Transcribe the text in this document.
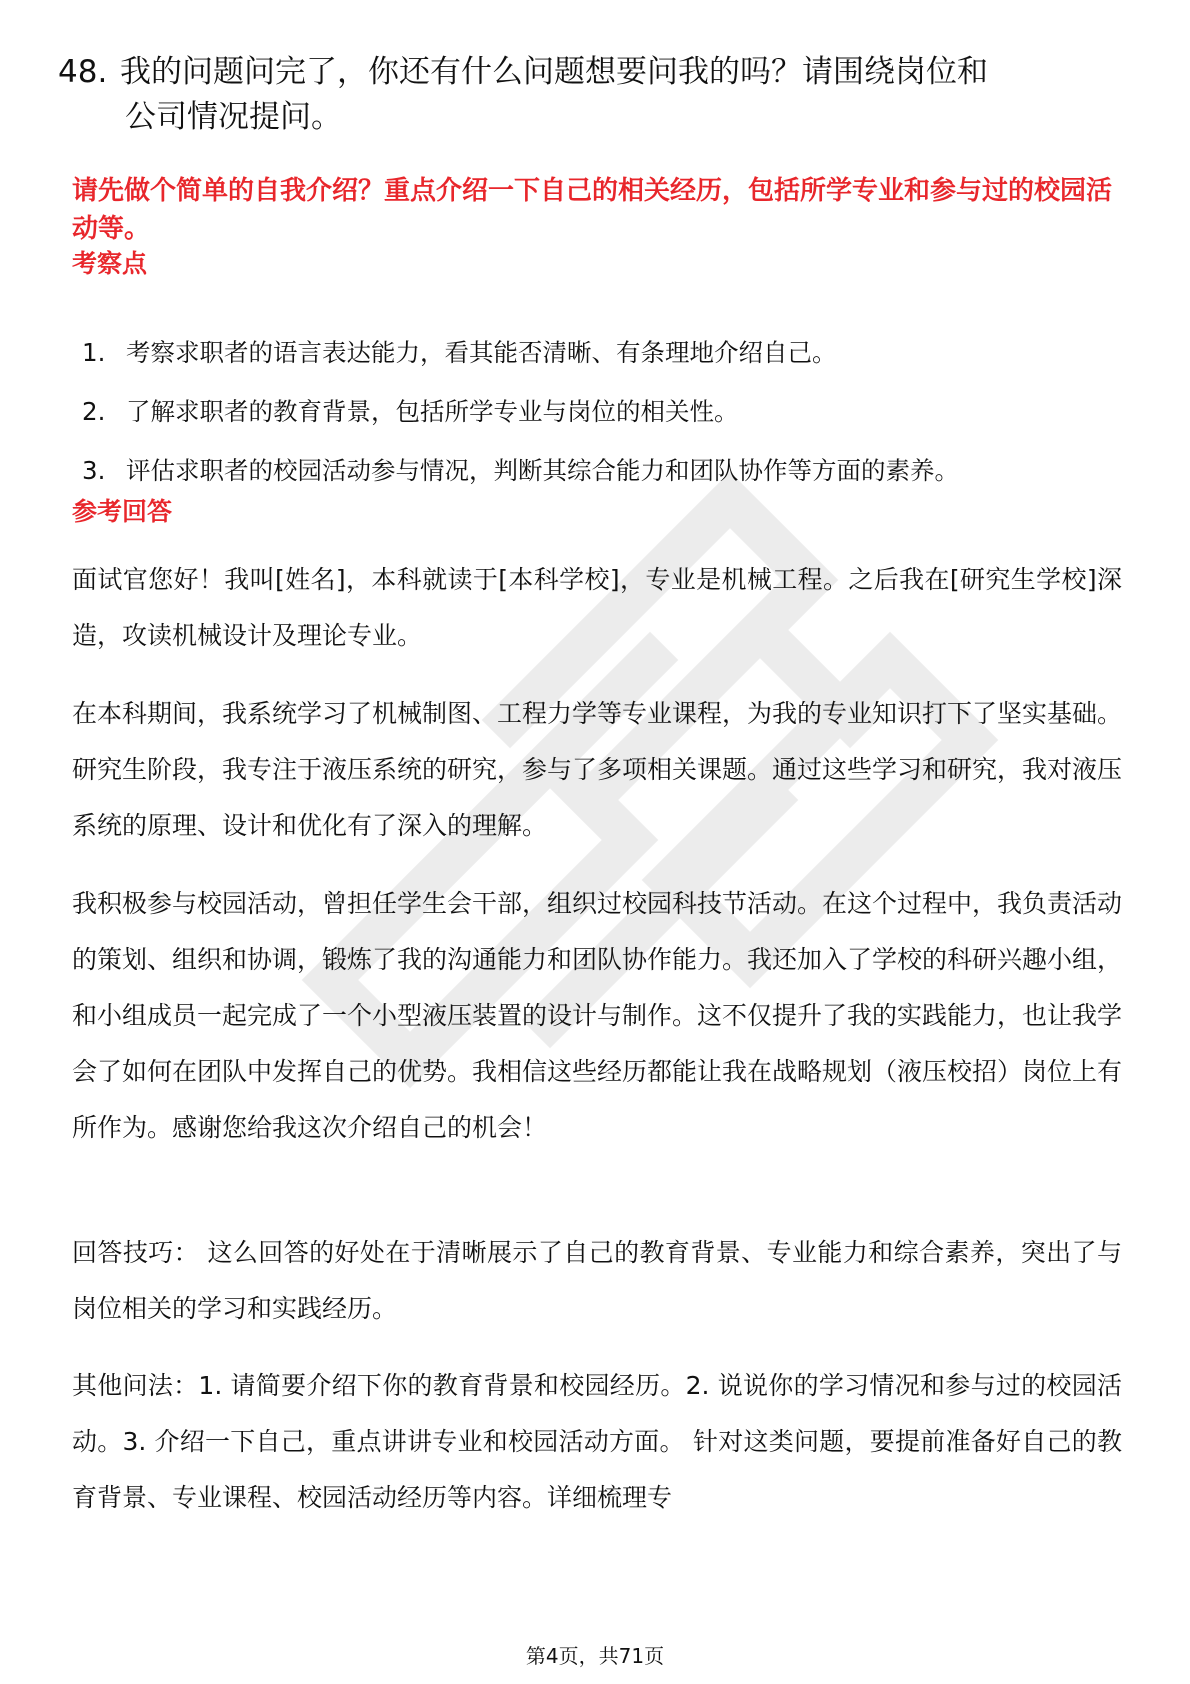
48. 我的问题问完了，你还有什么问题想要问我的吗？请围绕岗位和
公司情况提问。
请先做个简单的自我介绍？重点介绍一下自己的相关经历，包括所学专业和参与过的校园活动等。
考察点
1. 考察求职者的语言表达能力，看其能否清晰、有条理地介绍自己。
2. 了解求职者的教育背景，包括所学专业与岗位的相关性。
3. 评估求职者的校园活动参与情况，判断其综合能力和团队协作等方面的素养。
参考回答

面试官您好！我叫[姓名]，本科就读于[本科学校]，专业是机械工程。之后我在[研究生学校]深造，攻读机械设计及理论专业。

在本科期间，我系统学习了机械制图、工程力学等专业课程，为我的专业知识打下了坚实基础。研究生阶段，我专注于液压系统的研究，参与了多项相关课题。通过这些学习和研究，我对液压系统的原理、设计和优化有了深入的理解。

我积极参与校园活动，曾担任学生会干部，组织过校园科技节活动。在这个过程中，我负责活动的策划、组织和协调，锻炼了我的沟通能力和团队协作能力。我还加入了学校的科研兴趣小组，和小组成员一起完成了一个小型液压装置的设计与制作。这不仅提升了我的实践能力，也让我学会了如何在团队中发挥自己的优势。我相信这些经历都能让我在战略规划（液压校招）岗位上有所作为。感谢您给我这次介绍自己的机会！

回答技巧： 这么回答的好处在于清晰展示了自己的教育背景、专业能力和综合素养，突出了与岗位相关的学习和实践经历。

其他问法：1. 请简要介绍下你的教育背景和校园经历。2. 说说你的学习情况和参与过的校园活动。3. 介绍一下自己，重点讲讲专业和校园活动方面。 针对这类问题，要提前准备好自己的教育背景、专业课程、校园活动经历等内容。详细梳理专

第4页，共71页
